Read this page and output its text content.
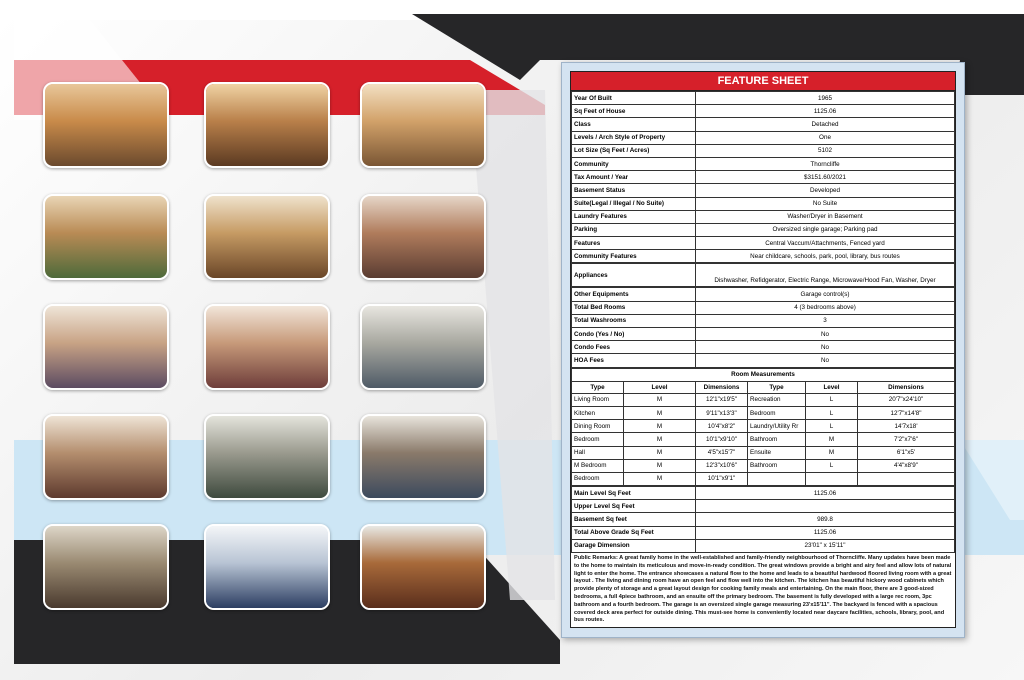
FEATURE SHEET
Year Of Built	1965
Sq Feet of House	1125.06
Class	Detached
Levels / Arch Style of Property	One
Lot Size (Sq Feet / Acres)	5102
Community	Thorncliffe
Tax Amount / Year	$3151.60/2021
Basement Status	Developed
Suite(Legal / Illegal / No Suite)	No Suite
Laundry Features	Washer/Dryer in Basement
Parking	Oversized single garage; Parking pad
Features	Central Vaccum/Attachments, Fenced yard
Community Features	Near childcare, schools, park, pool, library, bus routes
Appliances	Dishwasher, Refidgerator, Electric Range, Microwave/Hood Fan, Washer, Dryer
Other Equipments	Garage control(s)
Total Bed Rooms	4 (3 bedrooms above)
Total Washrooms	3
Condo (Yes / No)	No
Condo Fees	No
HOA Fees	No
Room Measurements					
Type	Level	Dimensions	Type	Level	Dimensions
Living Room	M	12'1"x19'5"	Recreation	L	20'7"x24'10"
Kitchen	M	9'11"x13'3"	Bedroom	L	12'7"x14'8"
Dining Room	M	10'4"x8'2"	Laundry/Utility Rr	L	14'7x18'
Bedroom	M	10'1"x9'10"	Bathroom	M	7'2"x7'6"
Hall	M	4'5"x15'7"	Ensuite	M	6'1"x5'
M Bedroom	M	12'3"x10'6"	Bathroom	L	4'4"x8'9"
Bedroom	M	10'1"x9'1"			
Main Level Sq Feet	1125.06
Upper Level Sq Feet	
Basement Sq feet	989.8
Total Above Grade Sq Feet	1125.06
Garage Dimension	23'01" x 15'11"
Public Remarks: A great family home in the well-established and family-friendly neighbourhood of Thorncliffe. Many updates have been made to the home to maintain its meticulous and move-in-ready condition. The great windows provide a bright and airy feel and allow lots of natural light to enter the home. The entrance showcases a natural flow to the home and leads to a beautiful hardwood floored living room with a great layout . The living and dining room have an open feel and flow well into the kitchen. The kitchen has beautiful hickory wood cabinets which provide plenty of storage and a great layout design for cooking family meals and entertaining. On the main floor, there are 3 good-sized bedrooms, a full 4piece bathroom, and an ensuite off the primary bedroom. The basement is fully developed with a large rec room, 3pc bathroom and a fourth bedroom. The garage is an oversized single garage measuring 23'x15'11". The backyard is fenced with a spacious covered deck area perfect for outside dining. This must-see home is conveniently located near daycare facilities, schools, library, pool, and bus routes.
